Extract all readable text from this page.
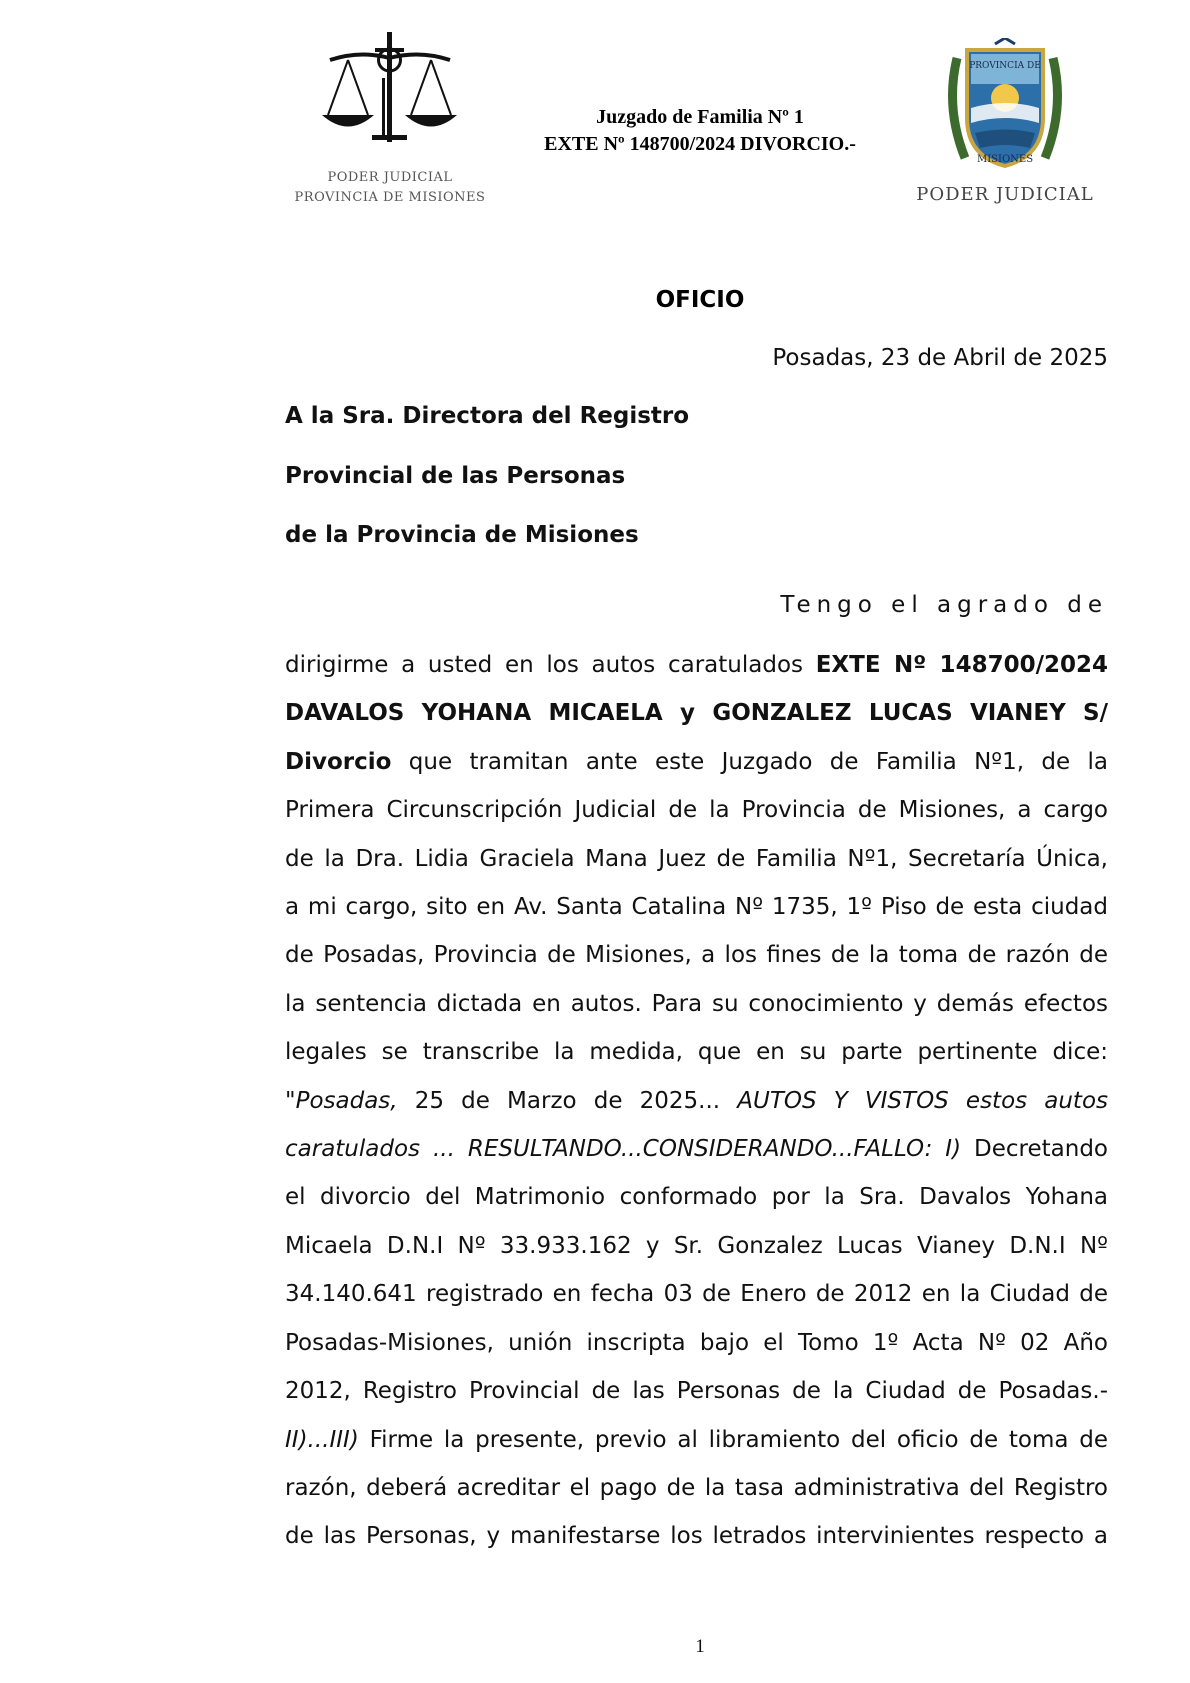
PODER JUDICIAL
PROVINCIA DE MISIONES
Juzgado de Familia Nº 1
EXTE Nº 148700/2024 DIVORCIO.-
PROVINCIA DE
MISIONES
PODER JUDICIAL
OFICIO
Posadas, 23 de Abril de 2025
A la Sra. Directora del Registro
Provincial de las Personas
de la Provincia de Misiones
Tengo el agrado de
dirigirme a usted en los autos caratulados EXTE Nº 148700/2024
DAVALOS YOHANA MICAELA y GONZALEZ LUCAS VIANEY S/
Divorcio que tramitan ante este Juzgado de Familia Nº1, de la
Primera Circunscripción Judicial de la Provincia de Misiones, a cargo
de la Dra. Lidia Graciela Mana Juez de Familia Nº1, Secretaría Única,
a mi cargo, sito en Av. Santa Catalina Nº 1735, 1º Piso de esta ciudad
de Posadas, Provincia de Misiones, a los fines de la toma de razón de
la sentencia dictada en autos. Para su conocimiento y demás efectos
legales se transcribe la medida, que en su parte pertinente dice:
"Posadas, 25 de Marzo de 2025... AUTOS Y VISTOS estos autos
caratulados ... RESULTANDO...CONSIDERANDO...FALLO: I) Decretando
el divorcio del Matrimonio conformado por la Sra. Davalos Yohana
Micaela D.N.I Nº 33.933.162 y Sr. Gonzalez Lucas Vianey D.N.I Nº
34.140.641 registrado en fecha 03 de Enero de 2012 en la Ciudad de
Posadas-Misiones, unión inscripta bajo el Tomo 1º Acta Nº 02 Año
2012, Registro Provincial de las Personas de la Ciudad de Posadas.-
II)...III) Firme la presente, previo al libramiento del oficio de toma de
razón, deberá acreditar el pago de la tasa administrativa del Registro
de las Personas, y manifestarse los letrados intervinientes respecto a
1
